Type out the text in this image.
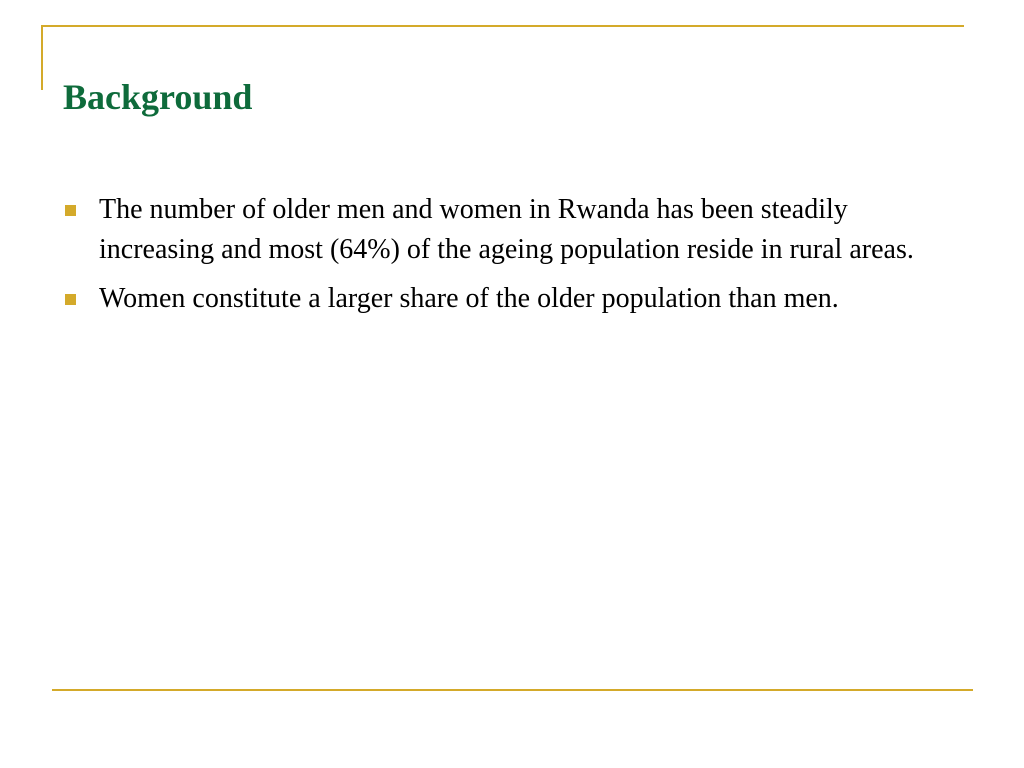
Background
The number of older men and women in Rwanda has been steadily increasing and most (64%) of the ageing population reside in rural areas.
Women constitute a larger share of the older population than men.
